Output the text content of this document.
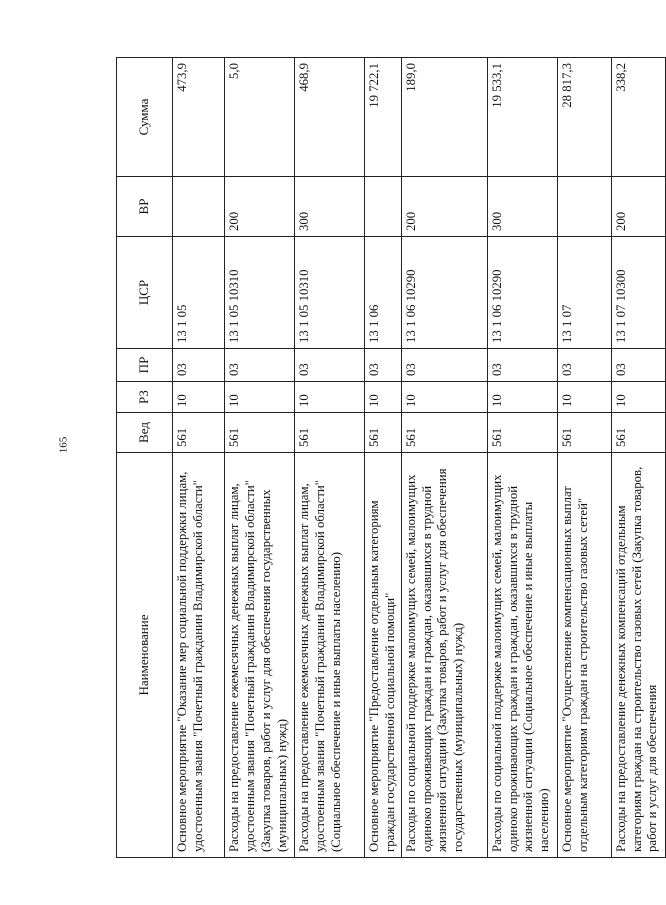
165
Наименование	Вед	РЗ	ПР	ЦСР	ВР	Сумма
Основное мероприятие "Оказание мер социальной поддержки лицам, удостоенным звания "Почетный гражданин Владимирской области"	561	10	03	13 1 05		473,9
Расходы на предоставление ежемесячных денежных выплат лицам, удостоенным звания "Почетный гражданин Владимирской области" (Закупка товаров, работ и услуг для обеспечения государственных (муниципальных) нужд)	561	10	03	13 1 05 10310	200	5,0
Расходы на предоставление ежемесячных денежных выплат лицам, удостоенным звания "Почетный гражданин Владимирской области" (Социальное обеспечение и иные выплаты населению)	561	10	03	13 1 05 10310	300	468,9
Основное мероприятие "Предоставление отдельным категориям граждан государственной социальной помощи"	561	10	03	13 1 06		19 722,1
Расходы по социальной поддержке малоимущих семей, малоимущих одиноко проживающих граждан и граждан, оказавшихся в трудной жизненной ситуации (Закупка товаров, работ и услуг для обеспечения государственных (муниципальных) нужд)	561	10	03	13 1 06 10290	200	189,0
Расходы по социальной поддержке малоимущих семей, малоимущих одиноко проживающих граждан и граждан, оказавшихся в трудной жизненной ситуации (Социальное обеспечение и иные выплаты населению)	561	10	03	13 1 06 10290	300	19 533,1
Основное мероприятие "Осуществление компенсационных выплат отдельным категориям граждан на строительство газовых сетей"	561	10	03	13 1 07		28 817,3
Расходы на предоставление денежных компенсаций отдельным категориям граждан на строительство газовых сетей (Закупка товаров, работ и услуг для обеспечения	561	10	03	13 1 07 10300	200	338,2
